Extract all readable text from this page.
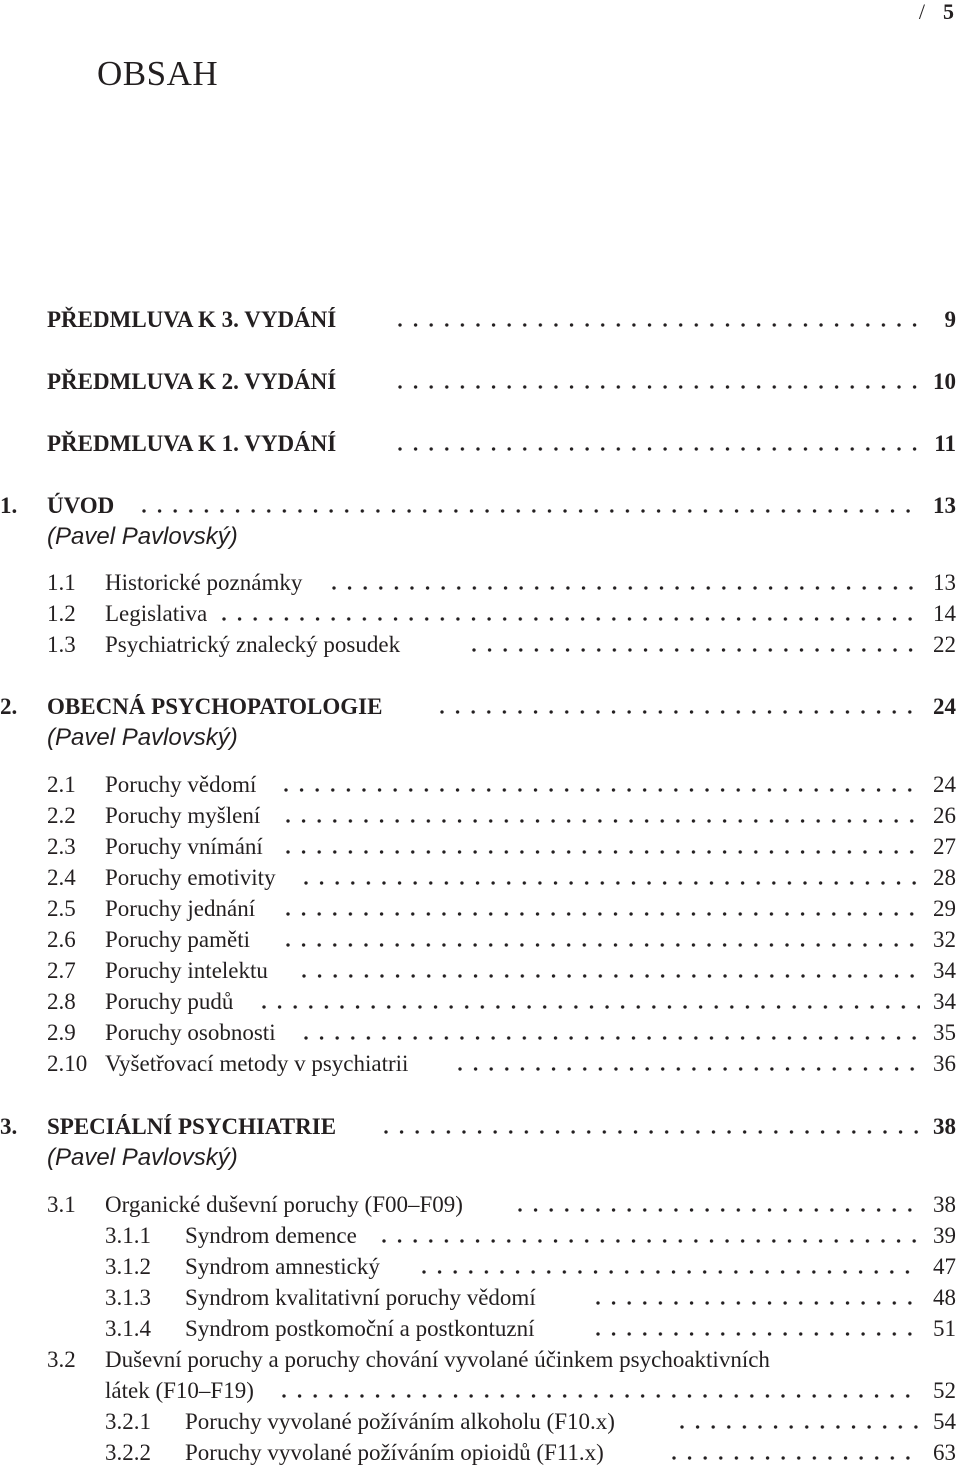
/ 5
OBSAH
PŘEDMLUVA K 3. VYDÁNÍ	9
PŘEDMLUVA K 2. VYDÁNÍ	10
PŘEDMLUVA K 1. VYDÁNÍ	11
1. ÚVOD	13
(Pavel Pavlovský)
1.1 Historické poznámky	13
1.2 Legislativa	14
1.3 Psychiatrický znalecký posudek	22
2. OBECNÁ PSYCHOPATOLOGIE	24
(Pavel Pavlovský)
2.1 Poruchy vědomí	24
2.2 Poruchy myšlení	26
2.3 Poruchy vnímání	27
2.4 Poruchy emotivity	28
2.5 Poruchy jednání	29
2.6 Poruchy paměti	32
2.7 Poruchy intelektu	34
2.8 Poruchy pudů	34
2.9 Poruchy osobnosti	35
2.10 Vyšetřovací metody v psychiatrii	36
3. SPECIÁLNÍ PSYCHIATRIE	38
(Pavel Pavlovský)
3.1 Organické duševní poruchy (F00–F09)	38
3.1.1 Syndrom demence	39
3.1.2 Syndrom amnestický	47
3.1.3 Syndrom kvalitativní poruchy vědomí	48
3.1.4 Syndrom postkomoční a postkontuzní	51
3.2 Duševní poruchy a poruchy chování vyvolané účinkem psychoaktivních
látek (F10–F19)	52
3.2.1 Poruchy vyvolané požíváním alkoholu (F10.x)	54
3.2.2 Poruchy vyvolané požíváním opioidů (F11.x)	63
